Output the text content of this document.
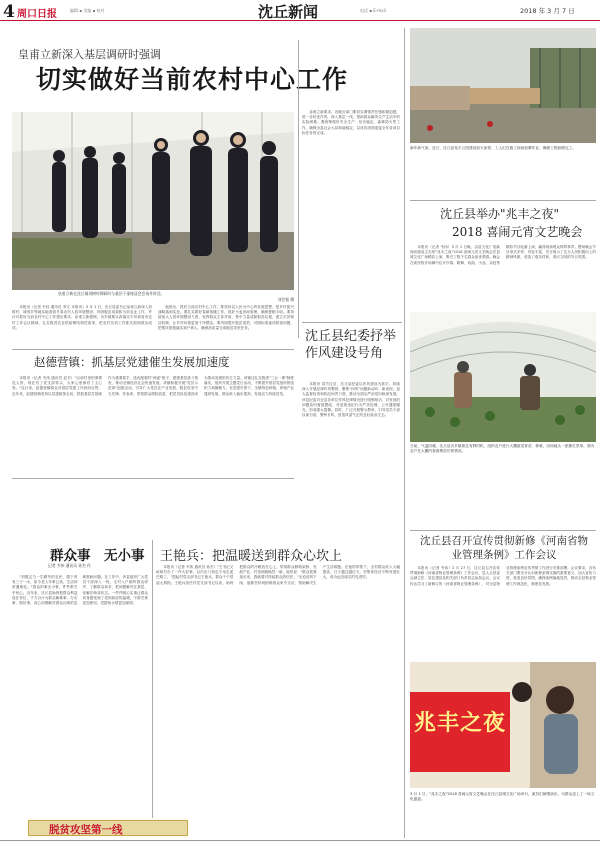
4 周口日报	编辑 ▪ 美编 ▪ 校对	沈丘新闻	电话 ▪ E-mail	2018 年 3 月 7 日
皇甫立新深入基层调研时强调
切实做好当前农村中心工作
皇甫立新在沈丘镇刘树村调研时与基层干部座谈会会场并讲话。
刘会强 摄

本报讯（记者 韦伟 通讯员 李文 本报讯）3 月 1 日，沈丘县委书记皇甫立新深入刘树村、城郊乡等地实地查看冬春农村人居环境整治、巩固脱贫成果和当前农业工作，并针对抓好当前农村中心工作提出要求。皇甫立新强调，各乡镇要认真落实中央和省市农村工作会议精神，扎实推进农业供给侧结构性改革，把农村各项工作抓实抓细抓出成效。

他指出，抓好当前农村中心工作，要坚持以人民为中心的发展思想，把乡村振兴战略落到实处。要扎实做好春耕备播工作，抓好小麦田间管理，确保夏粮丰收。要持续加大人居环境整治力度，发挥群众主体作用，集中力量清除积存垃圾，建立长效保洁机制，让乡村环境更加干净整洁。要巩固提升脱贫成效，对照标准逐项排查问题，把帮扶措施落实到户到人，确保高质量完成脱贫攻坚任务。

皇甫立新要求，各级各部门要切实增强责任感和紧迫感，进一步转变作风，深入基层一线，帮助群众解决生产生活中的实际困难。要统筹做好安全生产、信访稳定、森林防火等工作，确保全县社会大局和谐稳定，以优异成绩迎接全年各项目标任务的完成。

赵德营镇：抓基层党建催生发展加速度

本报讯（记者 韦伟 通讯员 赵书）"以前村里的事情没人管，现在有了党支部带头，大家心里都有了主心骨。"连日来，赵德营镇群众对基层党建工作纷纷点赞。近年来，赵德营镇坚持以党建统领全局，把抓基层打基础作为重要抓手，选优配强村"两委"班子，建强基层战斗堡垒，推动全镇经济社会快速发展。该镇积极开展"党员示范岗"创建活动，引导广大党员在产业发展、脱贫攻坚中当先锋、作表率，带领群众增收致富，把党员队伍建设成为推动发展的有生力量。该镇还扎实推进"三会一课"制度落实，组织开展主题党日活动，不断提升基层党组织的组织力和凝聚力。在党建引领下，全镇特色种植、养殖产业蓬勃发展，群众收入稳步提高，发展活力持续迸发。

沈丘县纪委抒举作风建设号角

本报讯 春节过后，沈丘县纪委以作风建设为抓手，持续深入开展纪律作风整顿，聚焦"四风"问题新动向、新表现，加大监督检查和执纪问责力度，推动全面从严治党向纵深发展。该县纪委对全县各单位作风纪律情况进行明察暗访，对发现的问题及时督促整改，对违规违纪行为严肃处理，公开通报曝光，形成强大震慑。同时，广泛开展警示教育，引导党员干部以案为鉴、警钟长鸣，营造风清气正的良好政治生态。

群众事　无小事
记者 韦伟 通讯员 孙杰 作

"刘德志乃一生勤劳的农民，膝下育有三子一女，如今老人年事已高，生活却常遇难处。"群众的事无小事，件件都关乎民心。近年来，沈丘县始终把群众利益放在首位，千方百计为群众解难事、办实事、做好事，用心用情解决群众反映的急难愁盼问题。在工作中，该县组织广大党员干部深入一线，走村入户倾听群众呼声，了解群众诉求，把问题解决在基层、化解在萌芽状态。一件件暖心实事让群众切身感受到了党和政府的温暖，干群关系更加密切，党群鱼水情更加深厚。

王艳兵：把温暖送到群众心坎上

本报讯（记者 韦伟 通讯员 孙杰）"王书记又给咱村办了一件大好事，以后出门再也不用走泥巴路了。"提起村党支部书记王艳兵，群众个个竖起大拇指。王艳兵担任村党支部书记以来，始终把群众的冷暖放在心上，带领群众修路架桥、发展产业，村里面貌焕然一新。他常说："群众把我选出来，我就要对得起群众的信任。"无论刮风下雨，他都坚持到困难群众家中走访，帮助解决生产生活难题。在他的带领下，全村群众收入大幅提高，日子越过越红火，村集体经济不断发展壮大，成为远近闻名的先进村。

脱贫攻坚第一线
新年新气象。近日，沈丘县兆丰公园建设如火如荼，工人们在施工现场加紧作业，确保工程如期完工。
沈丘县举办"兆丰之夜"
2018 喜闹元宵文艺晚会

本报讯（记者 韦伟）3 月 1 日晚，由县文化广电新闻出版局主办的"兆丰之夜"2018 喜闹元宵文艺晚会在县城文化广场精彩上演，吸引了数千名群众前来观看。晚会在欢快的开场舞中拉开序幕，歌舞、戏曲、小品、杂技等精彩节目轮番上演，赢得现场观众阵阵掌声。整场晚会节目形式多样、内容丰富，充分展示了沈丘人民积极向上的精神风貌，营造了欢乐祥和、喜庆文明的节日氛围。

当前，气温回暖，沈丘县各乡镇抓住有利时机，组织农户进行大棚蔬菜育苗、移栽，田间地头一派繁忙景象。图为农户在大棚内查看秧苗长势情况。
沈丘县召开宣传贯彻新修《河南省物业管理条例》工作会议

本报讯（记者 韦伟）2 月 27 日，沈丘县召开宣传贯彻新修《河南省物业管理条例》工作会议，县人大常委会副主任、县住建局及相关部门负责同志参加会议。会议传达学习了新修订的《河南省物业管理条例》，对全县物业管理条例宣传贯彻工作进行安排部署。会议要求，各有关部门要充分认识新修条例实施的重要意义，加大宣传力度，营造良好氛围，确保条例落地见效，推动全县物业管理工作规范化、制度化发展。

兆丰之夜
3 月 1 日，"兆丰之夜"2018 喜闹元宵文艺晚会在沈丘县城文化广场举行，演员们倾情演出，为群众送上了一场文化盛宴。
